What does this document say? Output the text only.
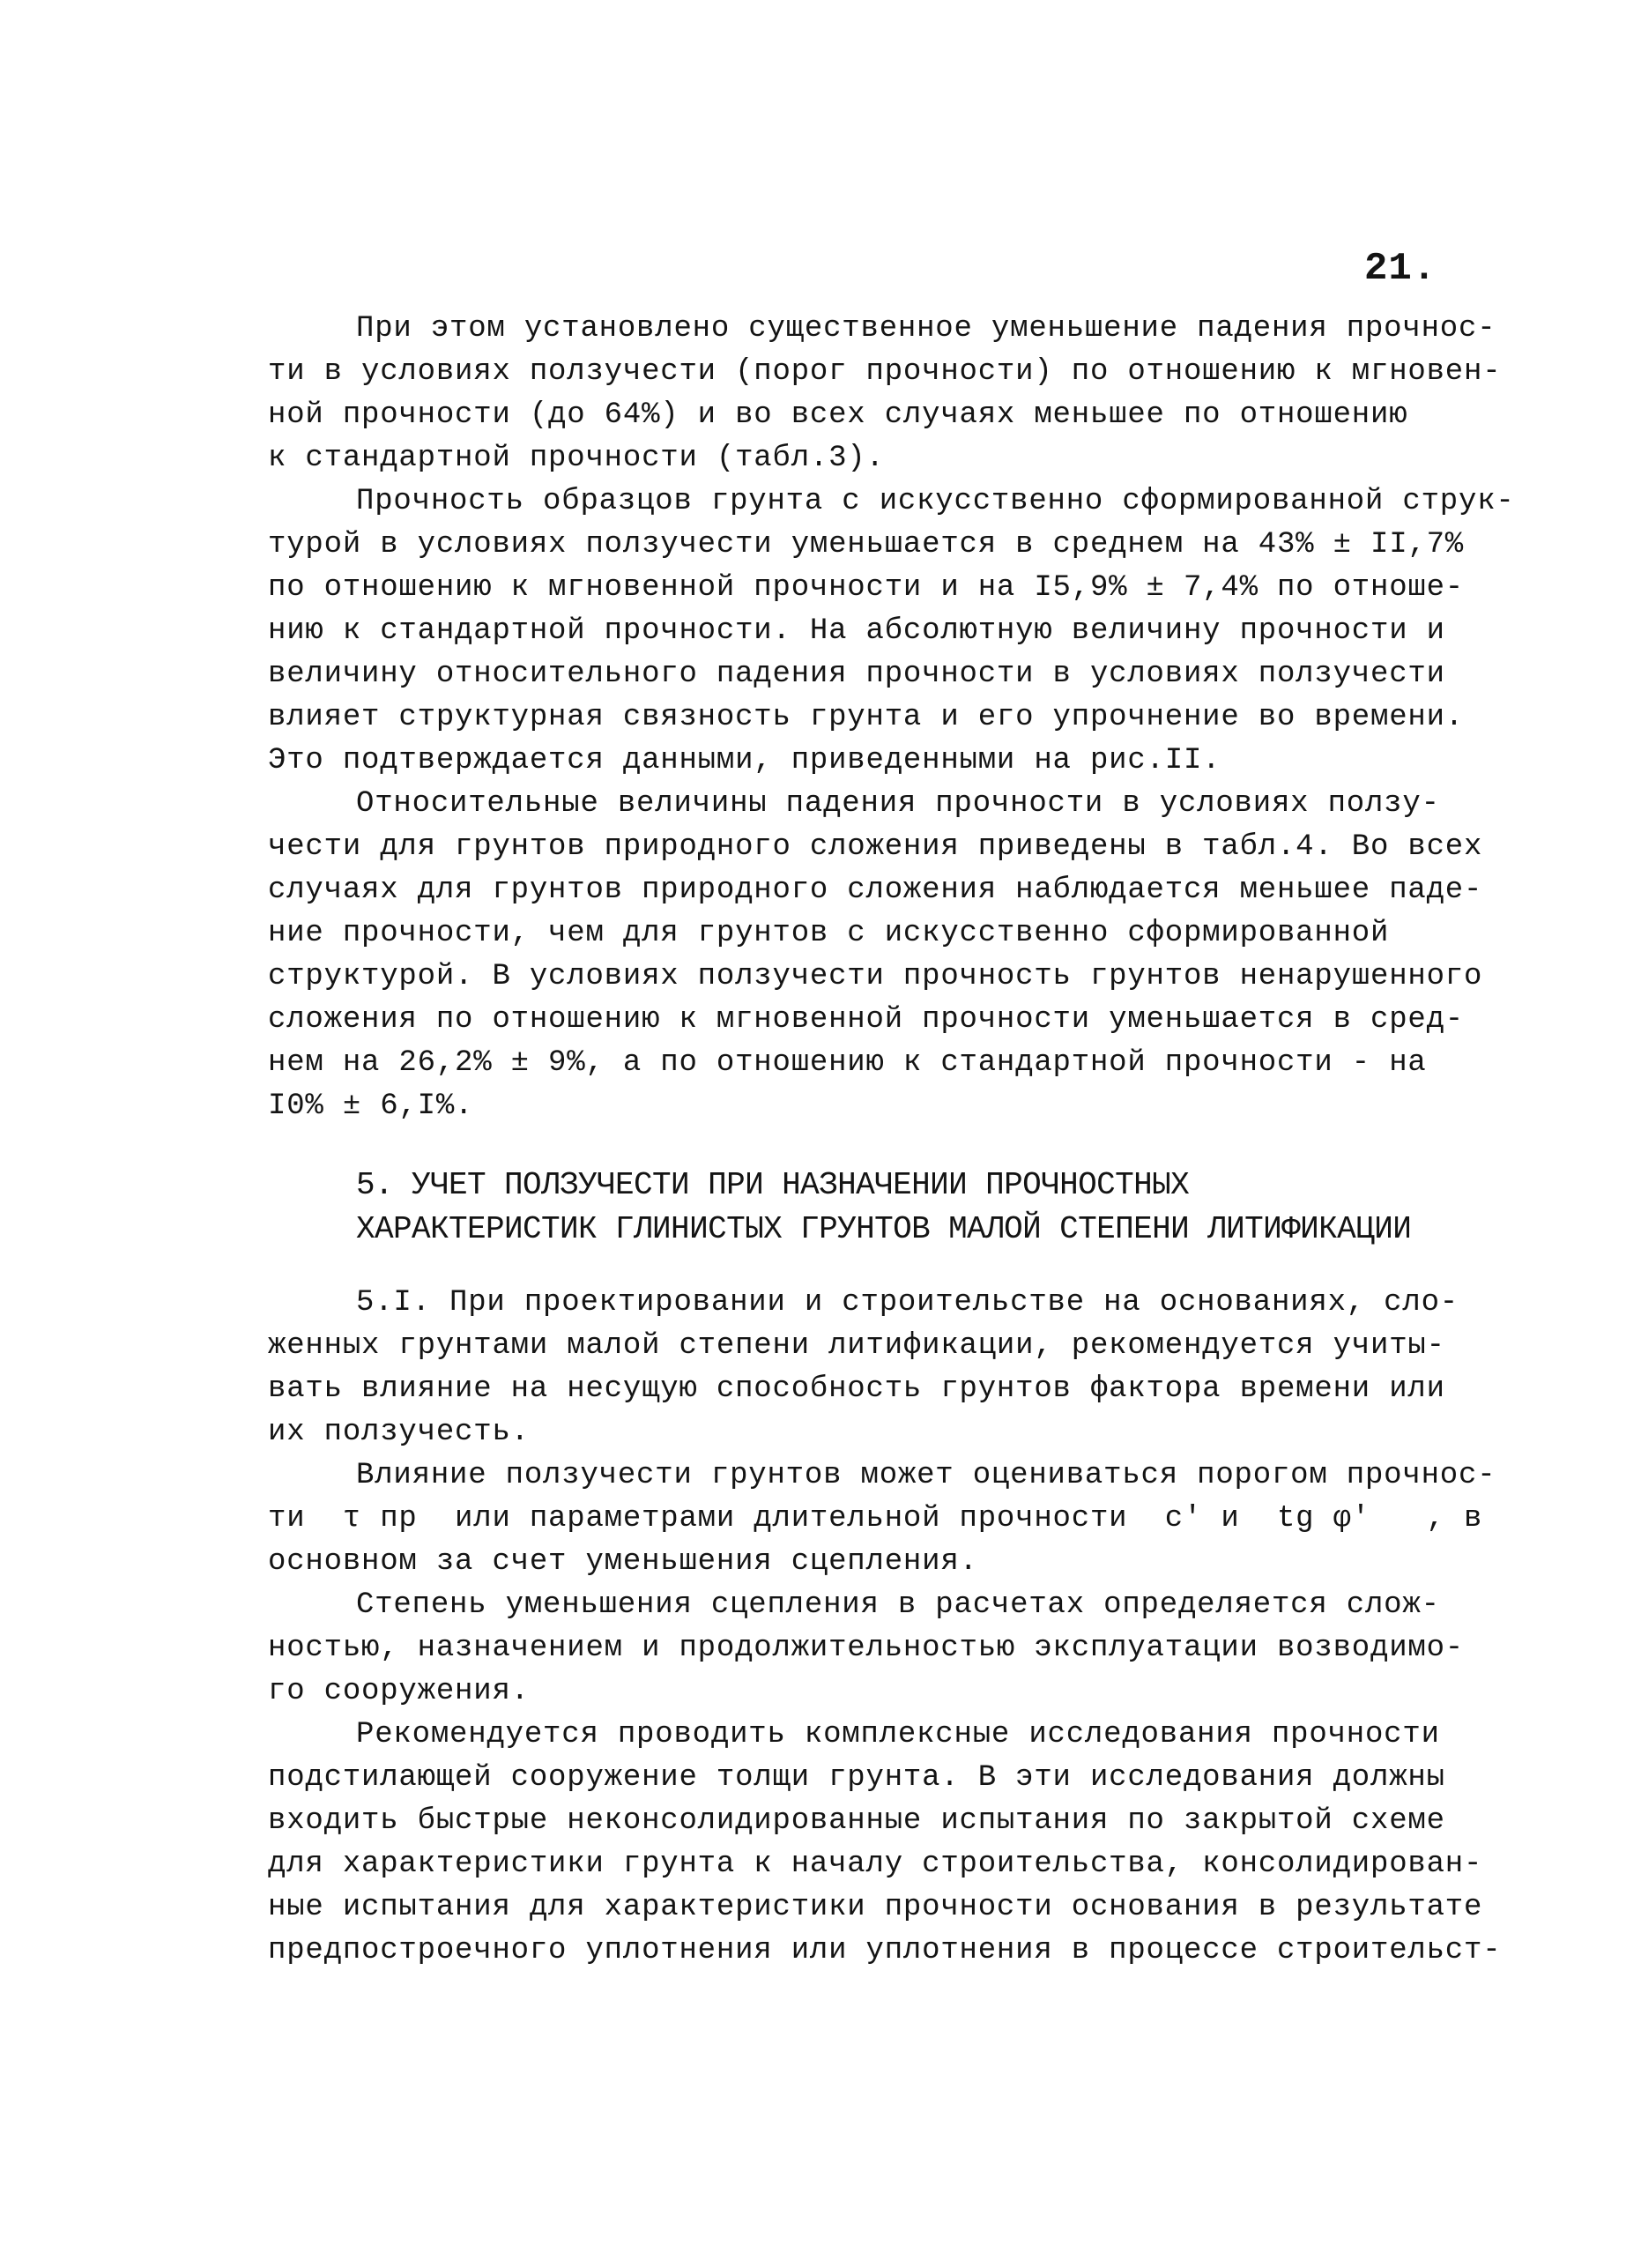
21.
При этом установлено существенное уменьшение падения прочнос-
ти в условиях ползучести (порог прочности) по отношению к мгновен-
ной прочности (до 64%) и во всех случаях меньшее по отношению
к стандартной прочности (табл.3).
Прочность образцов грунта с искусственно сформированной струк-
турой в условиях ползучести уменьшается в среднем на 43% ± II,7%
по отношению к мгновенной прочности и на I5,9% ± 7,4% по отноше-
нию к стандартной прочности. На абсолютную величину прочности и
величину относительного падения прочности в условиях ползучести
влияет структурная связность грунта и его упрочнение во времени.
Это подтверждается данными, приведенными на рис.II.
Относительные величины падения прочности в условиях ползу-
чести для грунтов природного сложения приведены в табл.4. Во всех
случаях для грунтов природного сложения наблюдается меньшее паде-
ние прочности, чем для грунтов с искусственно сформированной
структурой. В условиях ползучести прочность грунтов ненарушенного
сложения по отношению к мгновенной прочности уменьшается в сред-
нем на 26,2% ± 9%, а по отношению к стандартной прочности - на
I0% ± 6,I%.
5. УЧЕТ ПОЛЗУЧЕСТИ ПРИ НАЗНАЧЕНИИ ПРОЧНОСТНЫХ
ХАРАКТЕРИСТИК ГЛИНИСТЫХ ГРУНТОВ МАЛОЙ СТЕПЕНИ ЛИТИФИКАЦИИ
5.I. При проектировании и строительстве на основаниях, сло-
женных грунтами малой степени литификации, рекомендуется учиты-
вать влияние на несущую способность грунтов фактора времени или
их ползучесть.
Влияние ползучести грунтов может оцениваться порогом прочнос-
ти  τ пр  или параметрами длительной прочности  c′ и  tg φ′   , в
основном за счет уменьшения сцепления.
Степень уменьшения сцепления в расчетах определяется слож-
ностью, назначением и продолжительностью эксплуатации возводимо-
го сооружения.
Рекомендуется проводить комплексные исследования прочности
подстилающей сооружение толщи грунта. В эти исследования должны
входить быстрые неконсолидированные испытания по закрытой схеме
для характеристики грунта к началу строительства, консолидирован-
ные испытания для характеристики прочности основания в результате
предпостроечного уплотнения или уплотнения в процессе строительст-
